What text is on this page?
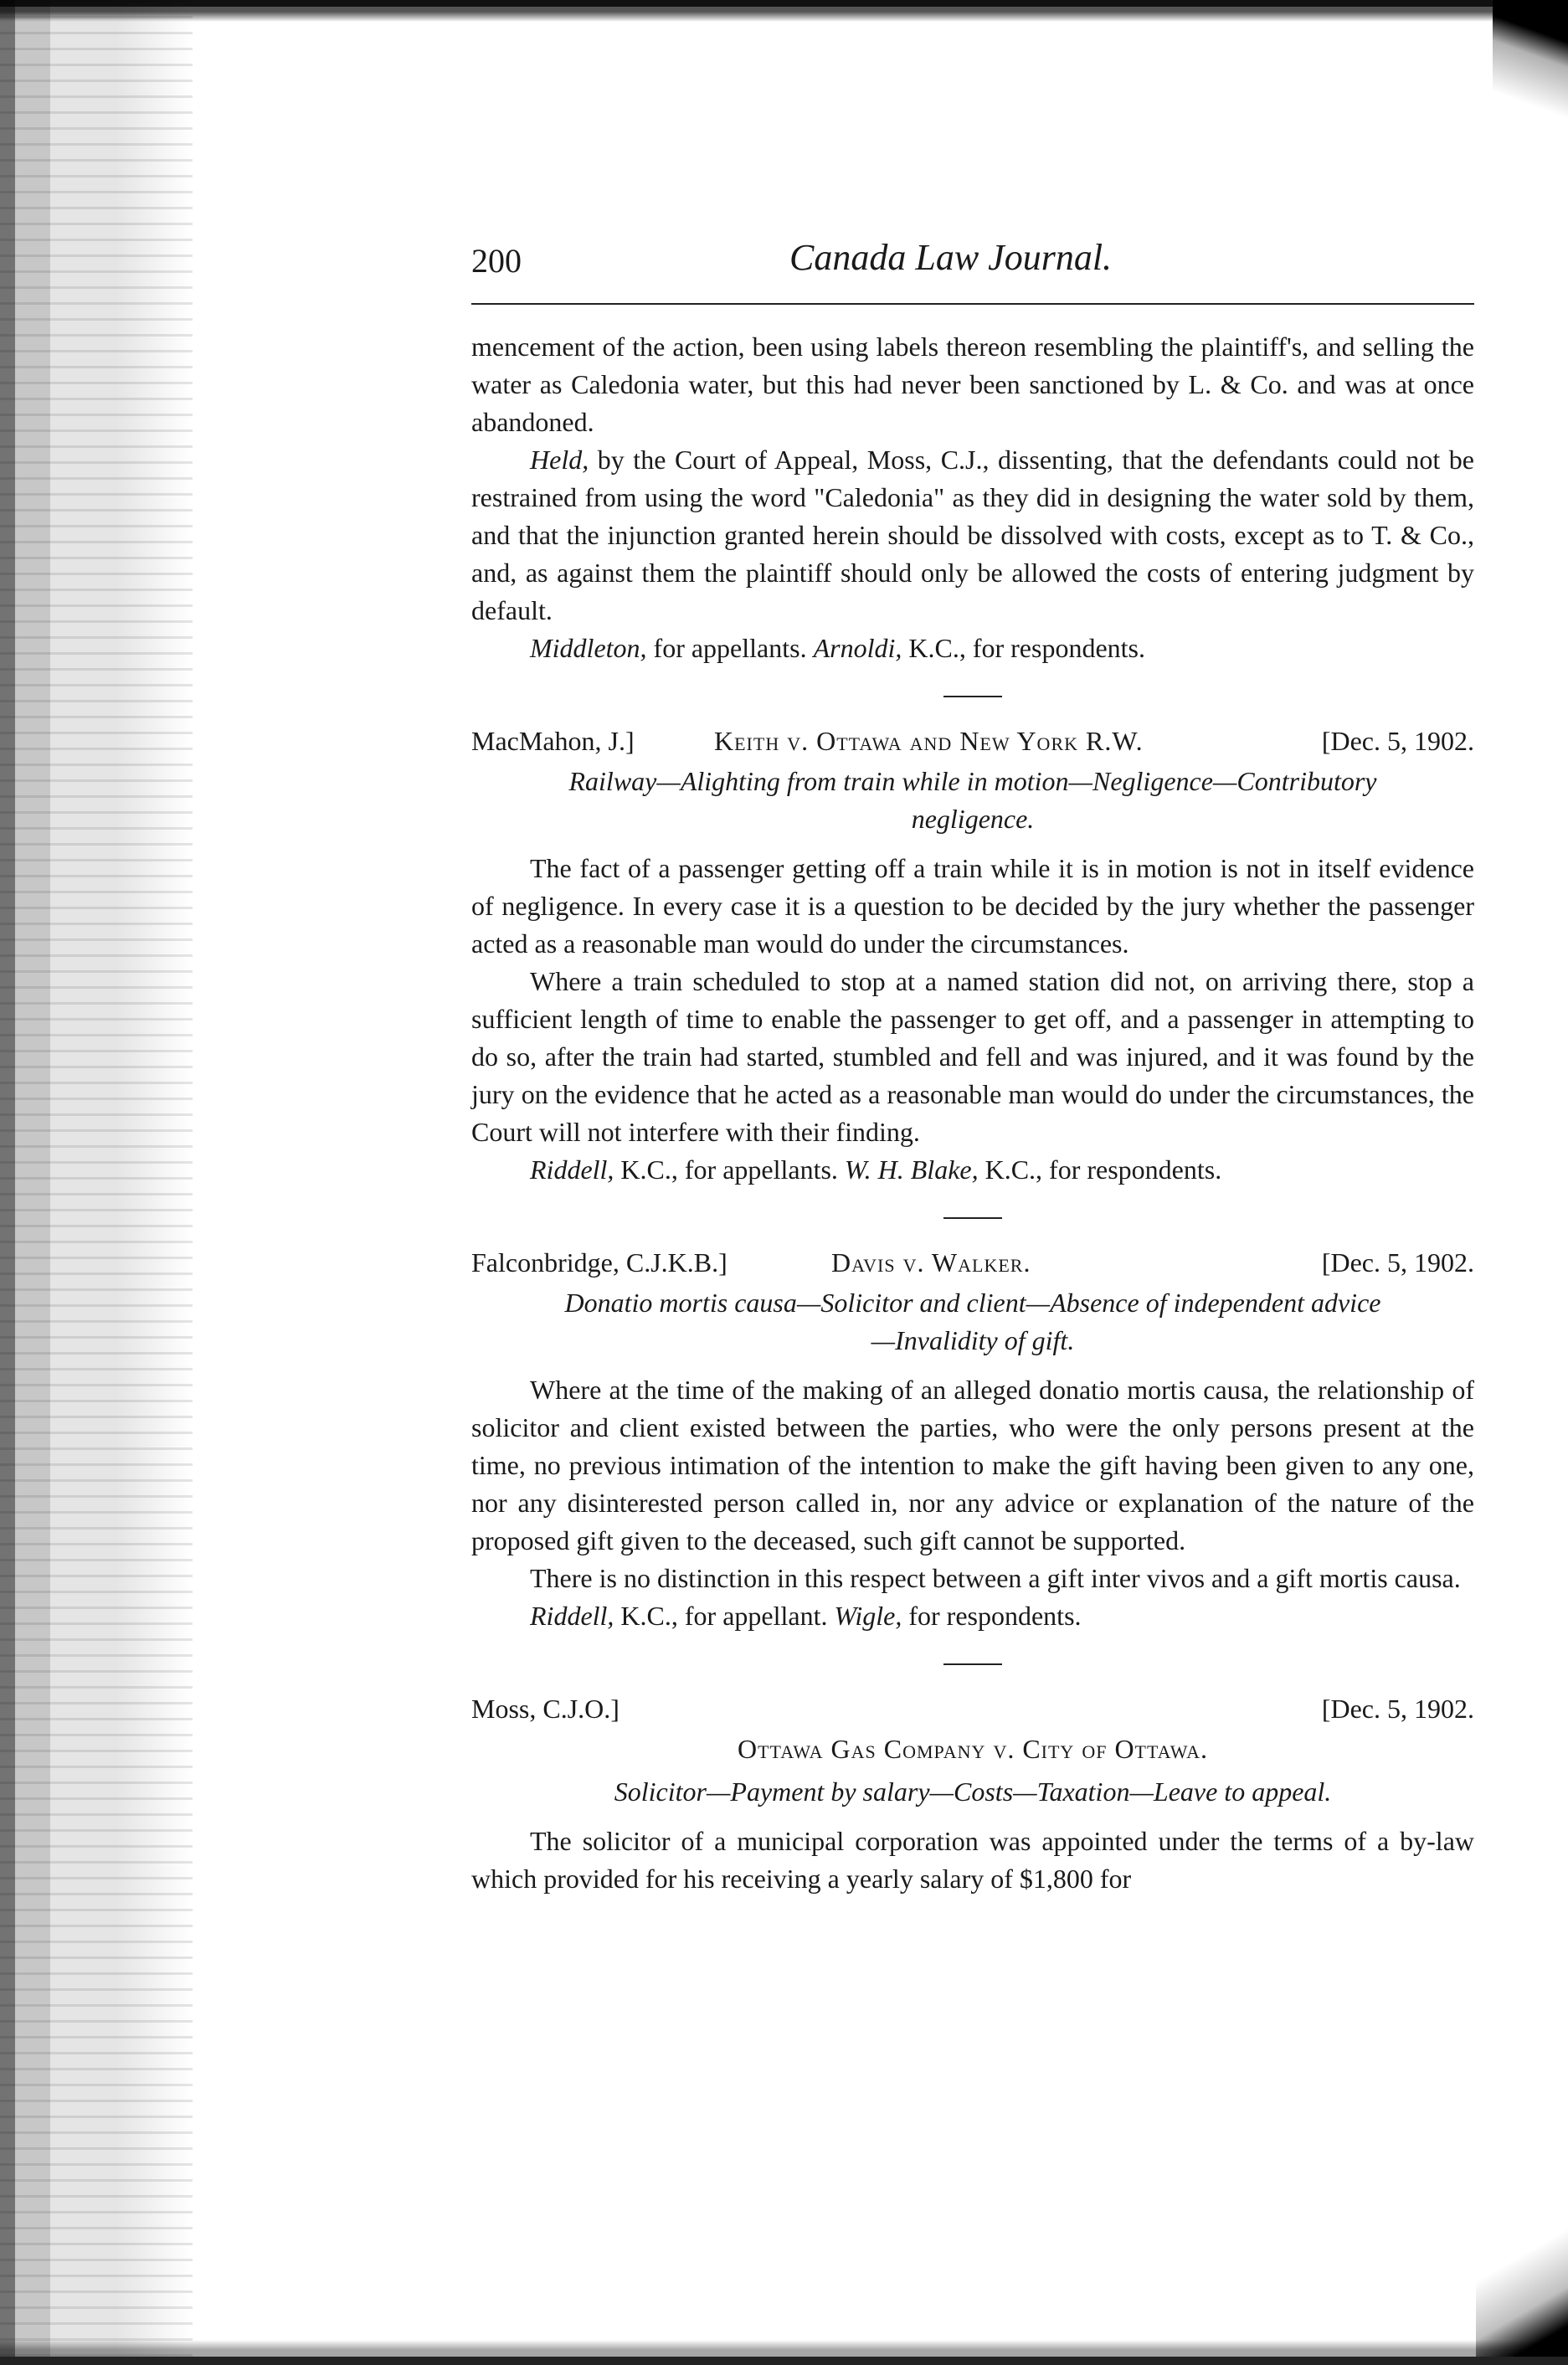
200	Canada Law Journal.

mencement of the action, been using labels thereon resembling the plaintiff's, and selling the water as Caledonia water, but this had never been sanctioned by L. & Co. and was at once abandoned.

Held, by the Court of Appeal, Moss, C.J., dissenting, that the defendants could not be restrained from using the word "Caledonia" as they did in designing the water sold by them, and that the injunction granted herein should be dissolved with costs, except as to T. & Co., and, as against them the plaintiff should only be allowed the costs of entering judgment by default.

Middleton, for appellants. Arnoldi, K.C., for respondents.

MacMahon, J.]	Keith v. Ottawa and New York R.W.	[Dec. 5, 1902.
Railway—Alighting from train while in motion—Negligence—Contributory
negligence.

The fact of a passenger getting off a train while it is in motion is not in itself evidence of negligence. In every case it is a question to be decided by the jury whether the passenger acted as a reasonable man would do under the circumstances.

Where a train scheduled to stop at a named station did not, on arriving there, stop a sufficient length of time to enable the passenger to get off, and a passenger in attempting to do so, after the train had started, stumbled and fell and was injured, and it was found by the jury on the evidence that he acted as a reasonable man would do under the circumstances, the Court will not interfere with their finding.

Riddell, K.C., for appellants. W. H. Blake, K.C., for respondents.

Falconbridge, C.J.K.B.]	Davis v. Walker.	[Dec. 5, 1902.
Donatio mortis causa—Solicitor and client—Absence of independent advice
—Invalidity of gift.

Where at the time of the making of an alleged donatio mortis causa, the relationship of solicitor and client existed between the parties, who were the only persons present at the time, no previous intimation of the intention to make the gift having been given to any one, nor any disinterested person called in, nor any advice or explanation of the nature of the proposed gift given to the deceased, such gift cannot be supported.

There is no distinction in this respect between a gift inter vivos and a gift mortis causa.

Riddell, K.C., for appellant. Wigle, for respondents.

Moss, C.J.O.]	[Dec. 5, 1902.
Ottawa Gas Company v. City of Ottawa.
Solicitor—Payment by salary—Costs—Taxation—Leave to appeal.

The solicitor of a municipal corporation was appointed under the terms of a by-law which provided for his receiving a yearly salary of $1,800 for
